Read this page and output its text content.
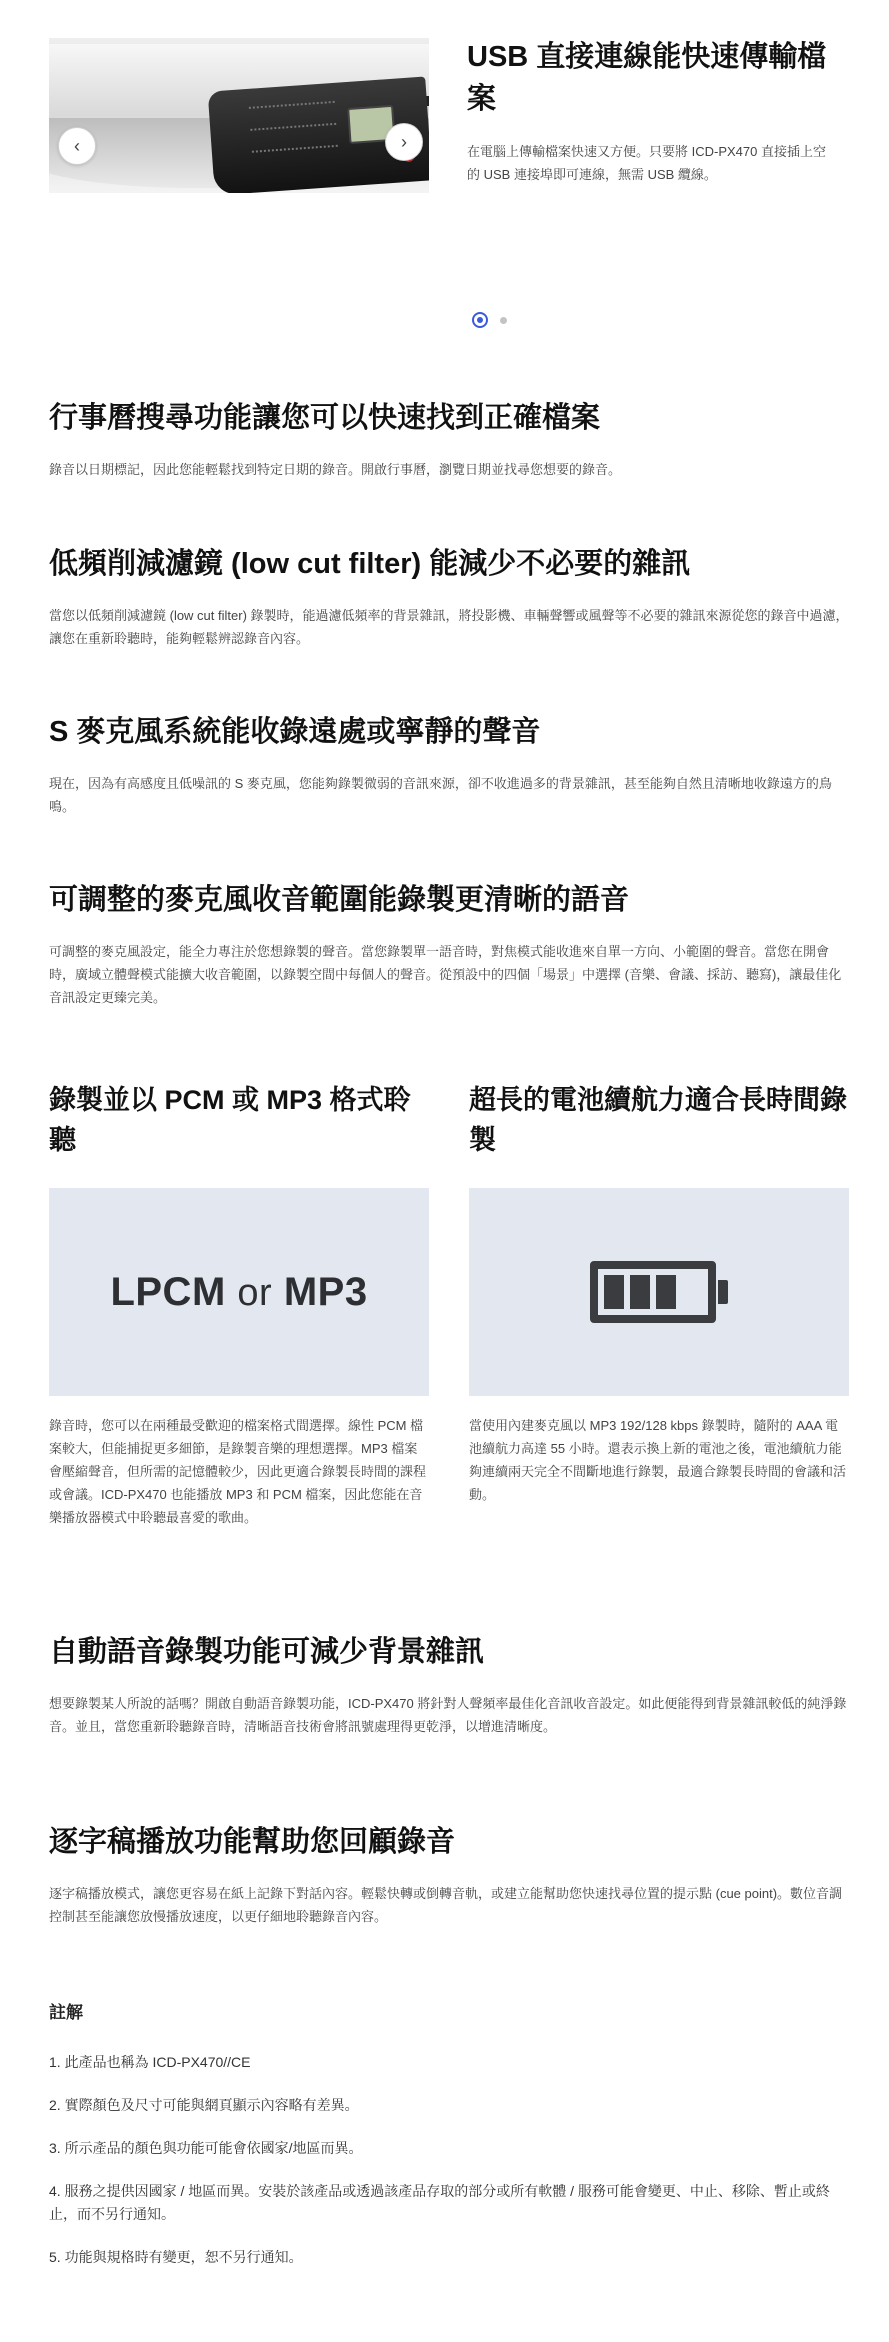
‹	›
USB 直接連線能快速傳輸檔案

在電腦上傳輸檔案快速又方便。只要將 ICD-PX470 直接插上空的 USB 連接埠即可連線，無需 USB 纜線。

行事曆搜尋功能讓您可以快速找到正確檔案

錄音以日期標記，因此您能輕鬆找到特定日期的錄音。開啟行事曆，瀏覽日期並找尋您想要的錄音。

低頻削減濾鏡 (low cut filter) 能減少不必要的雜訊

當您以低頻削減濾鏡 (low cut filter) 錄製時，能過濾低頻率的背景雜訊，將投影機、車輛聲響或風聲等不必要的雜訊來源從您的錄音中過濾，讓您在重新聆聽時，能夠輕鬆辨認錄音內容。

S 麥克風系統能收錄遠處或寧靜的聲音

現在，因為有高感度且低噪訊的 S 麥克風，您能夠錄製微弱的音訊來源，卻不收進過多的背景雜訊，甚至能夠自然且清晰地收錄遠方的鳥鳴。

可調整的麥克風收音範圍能錄製更清晰的語音

可調整的麥克風設定，能全力專注於您想錄製的聲音。當您錄製單一語音時，對焦模式能收進來自單一方向、小範圍的聲音。當您在開會時，廣域立體聲模式能擴大收音範圍，以錄製空間中每個人的聲音。從預設中的四個「場景」中選擇 (音樂、會議、採訪、聽寫)，讓最佳化音訊設定更臻完美。

錄製並以 PCM 或 MP3 格式聆聽
LPCM or MP3

錄音時，您可以在兩種最受歡迎的檔案格式間選擇。線性 PCM 檔案較大，但能捕捉更多細節，是錄製音樂的理想選擇。MP3 檔案會壓縮聲音，但所需的記憶體較少，因此更適合錄製長時間的課程或會議。ICD-PX470 也能播放 MP3 和 PCM 檔案，因此您能在音樂播放器模式中聆聽最喜愛的歌曲。

超長的電池續航力適合長時間錄製

當使用內建麥克風以 MP3 192/128 kbps 錄製時，隨附的 AAA 電池續航力高達 55 小時。還表示換上新的電池之後，電池續航力能夠連續兩天完全不間斷地進行錄製，最適合錄製長時間的會議和活動。

自動語音錄製功能可減少背景雜訊

想要錄製某人所說的話嗎？開啟自動語音錄製功能，ICD-PX470 將針對人聲頻率最佳化音訊收音設定。如此便能得到背景雜訊較低的純淨錄音。並且，當您重新聆聽錄音時，清晰語音技術會將訊號處理得更乾淨，以增進清晰度。

逐字稿播放功能幫助您回顧錄音

逐字稿播放模式，讓您更容易在紙上記錄下對話內容。輕鬆快轉或倒轉音軌，或建立能幫助您快速找尋位置的提示點 (cue point)。數位音調控制甚至能讓您放慢播放速度，以更仔細地聆聽錄音內容。

註解

1. 此產品也稱為 ICD-PX470//CE

2. 實際顏色及尺寸可能與網頁顯示內容略有差異。

3. 所示產品的顏色與功能可能會依國家/地區而異。

4. 服務之提供因國家 / 地區而異。安裝於該產品或透過該產品存取的部分或所有軟體 / 服務可能會變更、中止、移除、暫止或終止，而不另行通知。

5. 功能與規格時有變更，恕不另行通知。
